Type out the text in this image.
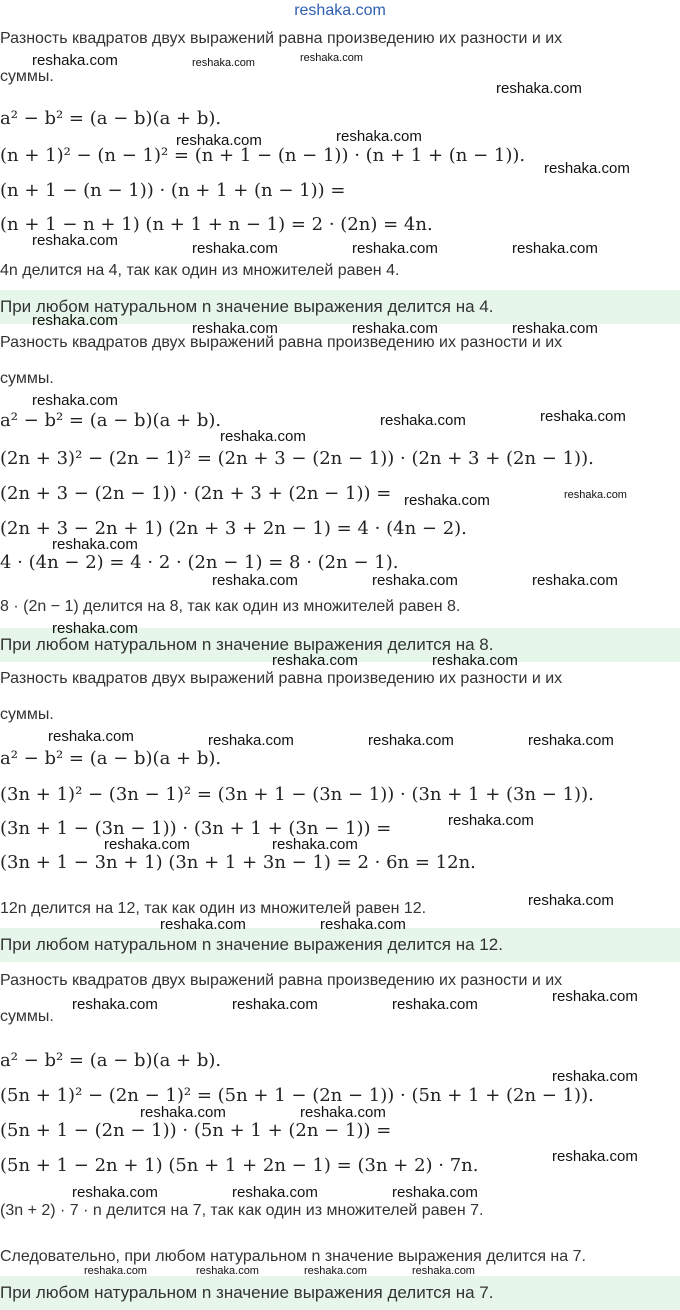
reshaka.com
Разность квадратов двух выражений равна произведению их разности и их
суммы.
a² − b² = (a − b)(a + b).
(n + 1)² − (n − 1)² = (n + 1 − (n − 1)) · (n + 1 + (n − 1)).
(n + 1 − (n − 1)) · (n + 1 + (n − 1)) =
(n + 1 − n + 1) (n + 1 + n − 1) = 2 · (2n) = 4n.
4n делится на 4, так как один из множителей равен 4.
При любом натуральном n значение выражения делится на 4.
Разность квадратов двух выражений равна произведению их разности и их
суммы.
a² − b² = (a − b)(a + b).
(2n + 3)² − (2n − 1)² = (2n + 3 − (2n − 1)) · (2n + 3 + (2n − 1)).
(2n + 3 − (2n − 1)) · (2n + 3 + (2n − 1)) =
(2n + 3 − 2n + 1) (2n + 3 + 2n − 1) = 4 · (4n − 2).
4 · (4n − 2) = 4 · 2 · (2n − 1) = 8 · (2n − 1).
8 · (2n − 1) делится на 8, так как один из множителей равен 8.
При любом натуральном n значение выражения делится на 8.
Разность квадратов двух выражений равна произведению их разности и их
суммы.
a² − b² = (a − b)(a + b).
(3n + 1)² − (3n − 1)² = (3n + 1 − (3n − 1)) · (3n + 1 + (3n − 1)).
(3n + 1 − (3n − 1)) · (3n + 1 + (3n − 1)) =
(3n + 1 − 3n + 1) (3n + 1 + 3n − 1) = 2 · 6n = 12n.
12n делится на 12, так как один из множителей равен 12.
При любом натуральном n значение выражения делится на 12.
Разность квадратов двух выражений равна произведению их разности и их
суммы.
a² − b² = (a − b)(a + b).
(5n + 1)² − (2n − 1)² = (5n + 1 − (2n − 1)) · (5n + 1 + (2n − 1)).
(5n + 1 − (2n − 1)) · (5n + 1 + (2n − 1)) =
(5n + 1 − 2n + 1) (5n + 1 + 2n − 1) = (3n + 2) · 7n.
(3n + 2) · 7 · n делится на 7, так как один из множителей равен 7.
Следовательно, при любом натуральном n значение выражения делится на 7.
При любом натуральном n значение выражения делится на 7.
reshaka.com	reshaka.com	reshaka.com
reshaka.com
reshaka.com	reshaka.com
reshaka.com
reshaka.com	reshaka.com	reshaka.com	reshaka.com
reshaka.com	reshaka.com	reshaka.com	reshaka.com
reshaka.com
reshaka.com	reshaka.com
reshaka.com
reshaka.com	reshaka.com
reshaka.com
reshaka.com	reshaka.com	reshaka.com
reshaka.com
reshaka.com	reshaka.com
reshaka.com	reshaka.com	reshaka.com	reshaka.com
reshaka.com
reshaka.com	reshaka.com
reshaka.com
reshaka.com	reshaka.com
reshaka.com
reshaka.com	reshaka.com	reshaka.com
reshaka.com
reshaka.com	reshaka.com
reshaka.com
reshaka.com	reshaka.com	reshaka.com
reshaka.com	reshaka.com	reshaka.com	reshaka.com
